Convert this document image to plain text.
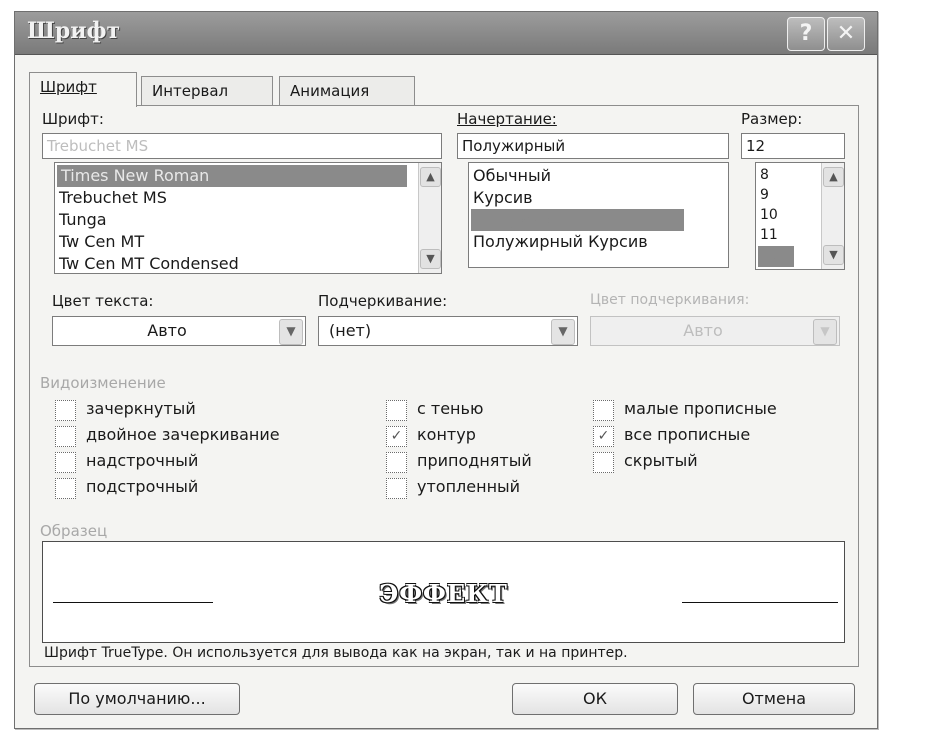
Шрифт	?	✕
Шрифт	Интервал	Анимация
Шрифт:
Trebuchet MS
Times New Roman
Trebuchet MS
Tunga
Tw Cen MT
Tw Cen MT Condensed
▲
▼
Начертание:
Полужирный
Обычный
Курсив
Полужирный
Полужирный Курсив
Размер:
12
8
9
10
11
12
▲
▼
Цвет текста:
Авто	▼
Подчеркивание:
(нет)	▼
Цвет подчеркивания:
Авто	▼
Видоизменение
зачеркнутый
двойное зачеркивание
надстрочный
подстрочный
с тенью
✓ контур
приподнятый
утопленный
малые прописные
✓ все прописные
скрытый
Образец
ЭФФЕКТ
Шрифт TrueType. Он используется для вывода как на экран, так и на принтер.
По умолчанию...	ОК	Отмена
